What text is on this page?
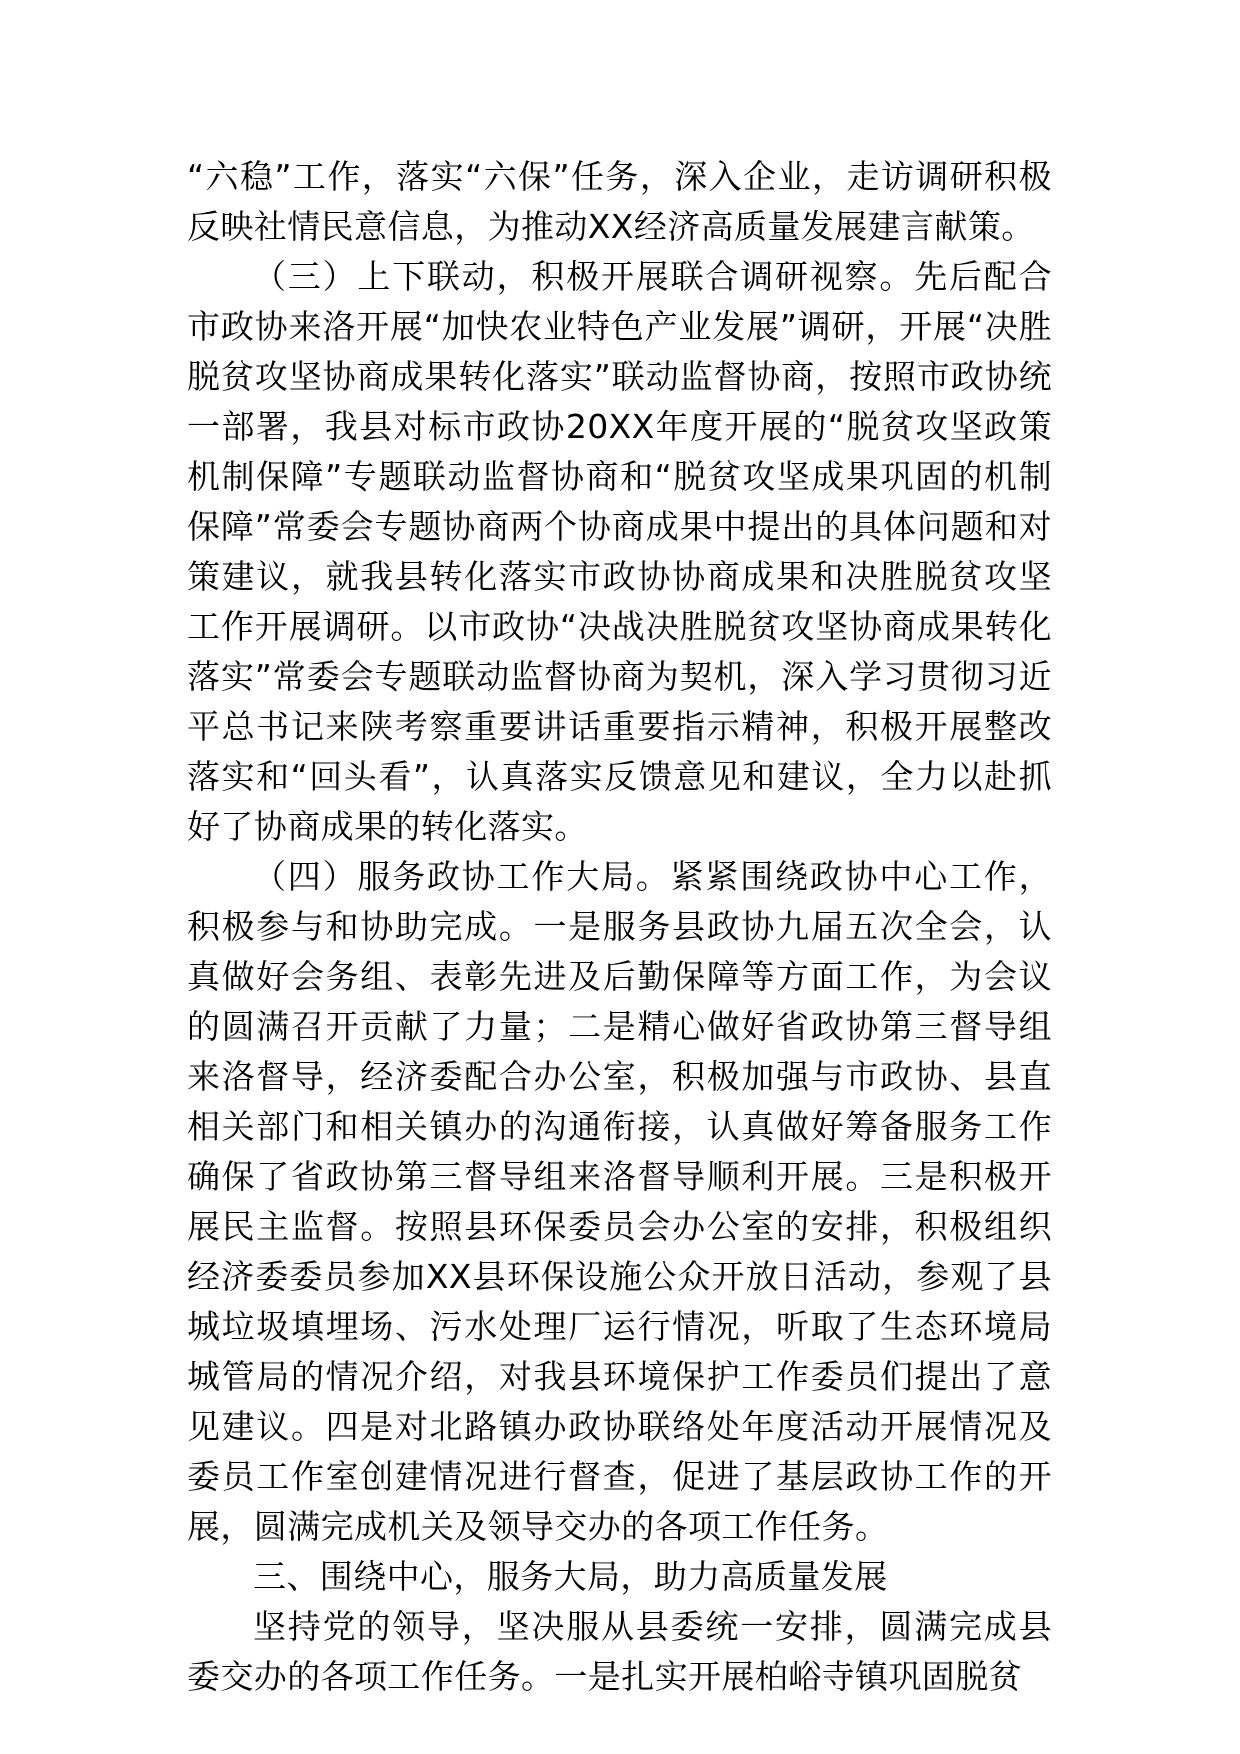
“六稳”工作，落实“六保”任务，深入企业，走访调研积极反映社情民意信息，为推动XX经济高质量发展建言献策。

（三）上下联动，积极开展联合调研视察。先后配合市政协来洛开展“加快农业特色产业发展”调研，开展“决胜脱贫攻坚协商成果转化落实”联动监督协商，按照市政协统一部署，我县对标市政协20XX年度开展的“脱贫攻坚政策机制保障”专题联动监督协商和“脱贫攻坚成果巩固的机制保障”常委会专题协商两个协商成果中提出的具体问题和对策建议，就我县转化落实市政协协商成果和决胜脱贫攻坚工作开展调研。以市政协“决战决胜脱贫攻坚协商成果转化落实”常委会专题联动监督协商为契机，深入学习贯彻习近平总书记来陕考察重要讲话重要指示精神，积极开展整改落实和“回头看”，认真落实反馈意见和建议，全力以赴抓好了协商成果的转化落实。

（四）服务政协工作大局。紧紧围绕政协中心工作，积极参与和协助完成。一是服务县政协九届五次全会，认真做好会务组、表彰先进及后勤保障等方面工作，为会议的圆满召开贡献了力量；二是精心做好省政协第三督导组来洛督导，经济委配合办公室，积极加强与市政协、县直相关部门和相关镇办的沟通衔接，认真做好筹备服务工作确保了省政协第三督导组来洛督导顺利开展。三是积极开展民主监督。按照县环保委员会办公室的安排，积极组织经济委委员参加XX县环保设施公众开放日活动，参观了县城垃圾填埋场、污水处理厂运行情况，听取了生态环境局城管局的情况介绍，对我县环境保护工作委员们提出了意见建议。四是对北路镇办政协联络处年度活动开展情况及委员工作室创建情况进行督查，促进了基层政协工作的开展，圆满完成机关及领导交办的各项工作任务。

三、围绕中心，服务大局，助力高质量发展

坚持党的领导，坚决服从县委统一安排，圆满完成县委交办的各项工作任务。一是扎实开展柏峪寺镇巩固脱贫
